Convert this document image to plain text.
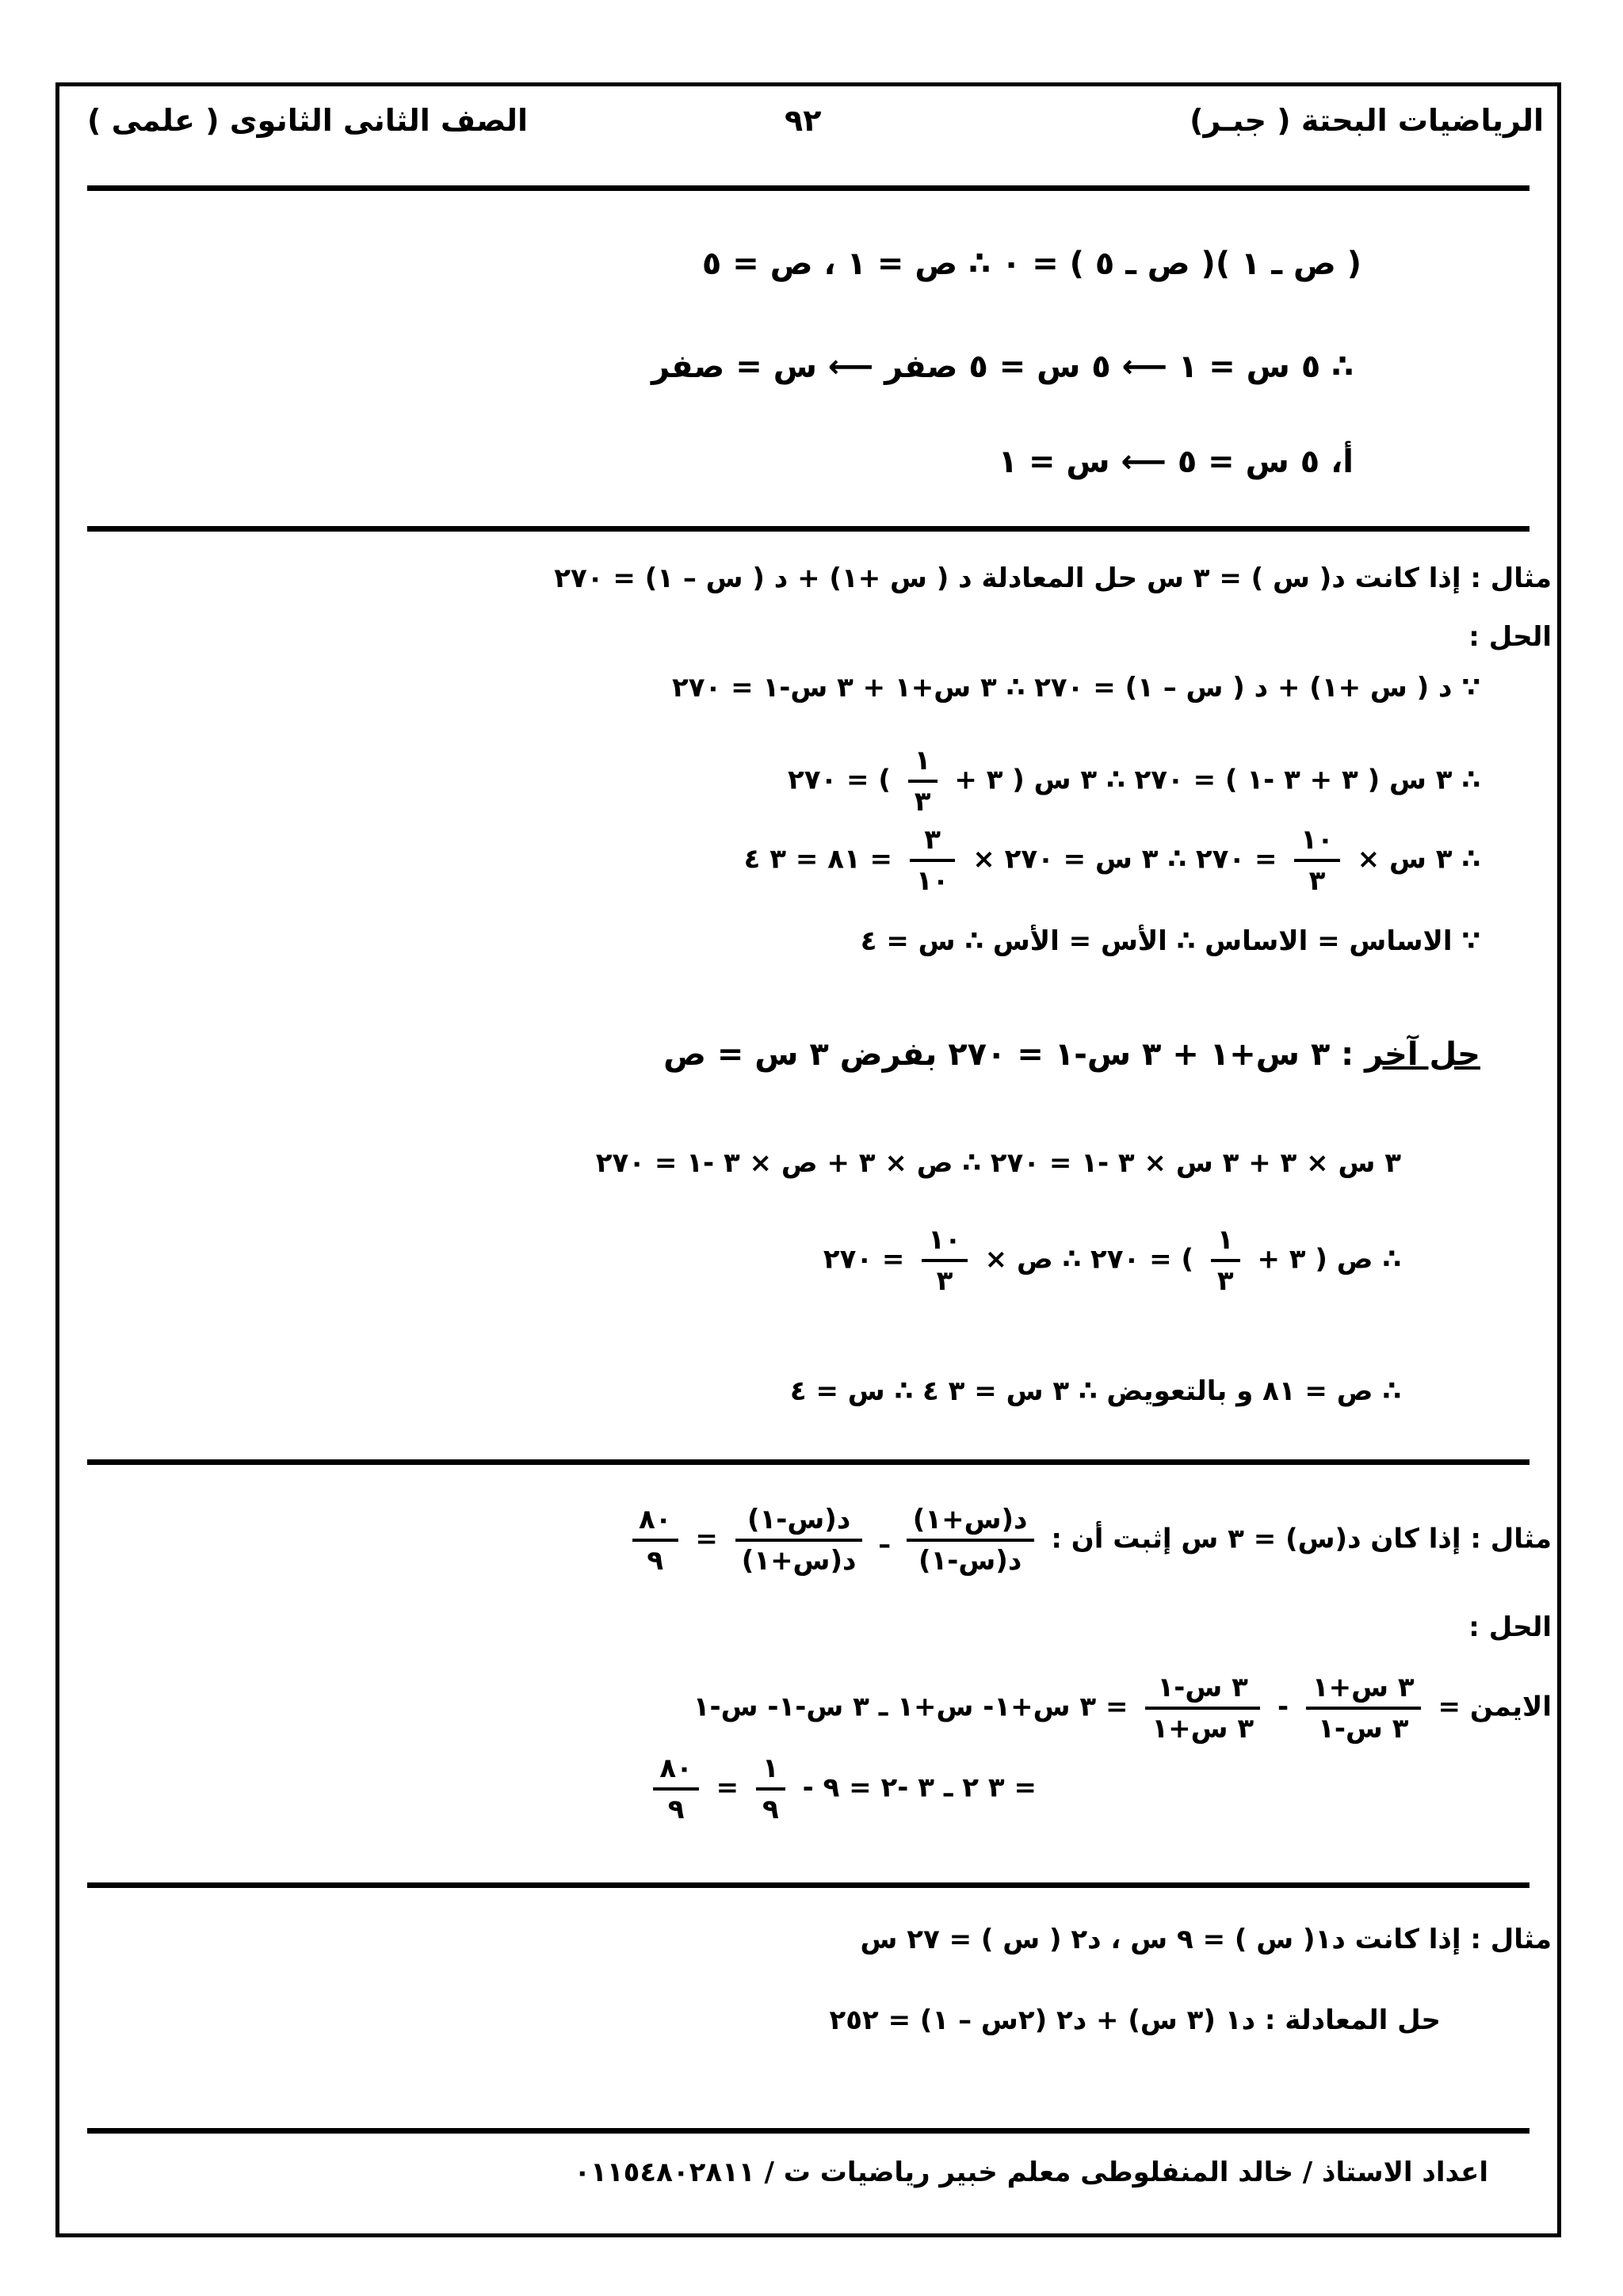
الرياضيات البحتة ( جبـر)
٩٢
الصف الثانى الثانوى ( علمى )
( ص ـ ١ )( ص ـ ٥ ) = ٠ ∴ ص = ١ ، ص = ٥
∴ ٥ س = ١ ⟵ ٥ س = ٥ صفر ⟵ س = صفر
أ، ٥ س = ٥ ⟵ س = ١
مثال : إذا كانت د( س ) = ٣ س حل المعادلة د ( س +١) + د ( س – ١) = ٢٧٠
الحل :
∵ د ( س +١) + د ( س – ١) = ٢٧٠ ∴ ٣ س+١ + ٣ س-١ = ٢٧٠
∴ ٣ س ( ٣ + ٣ -١ ) = ٢٧٠ ∴ ٣ س ( ٣ +
$\frac{١}{٣}$
) = ٢٧٠
∴ ٣ س ×
$\frac{١٠}{٣}$
= ٢٧٠ ∴ ٣ س = ٢٧٠ ×
$\frac{٣}{١٠}$
= ٨١ = ٣ ٤
∵ الاساس = الاساس ∴ الأس = الأس ∴ س = ٤
حل آخر : ٣ س+١ + ٣ س-١ = ٢٧٠ بفرض ٣ س = ص
٣ س × ٣ + ٣ س × ٣ -١ = ٢٧٠ ∴ ص × ٣ + ص × ٣ -١ = ٢٧٠
∴ ص ( ٣ +
$\frac{١}{٣}$
) = ٢٧٠ ∴ ص ×
$\frac{١٠}{٣}$
= ٢٧٠
∴ ص = ٨١ و بالتعويض ∴ ٣ س = ٣ ٤ ∴ س = ٤
مثال : إذا كان د(س) = ٣ س إثبت أن :
$\frac{\text{د(س+١)}}{\text{د(س-١)}}$
ـ
$\frac{\text{د(س-١)}}{\text{د(س+١)}}$
=
$\frac{٨٠}{٩}$
الحل :
الايمن =
$\frac{\text{٣ س+١}}{\text{٣ س-١}}$
-
$\frac{\text{٣ س-١}}{\text{٣ س+١}}$
= ٣ س+١- س+١ ـ ٣ س-١- س-١
= ٣ ٢ ـ ٣ -٢ = ٩ -
$\frac{١}{٩}$
=
$\frac{٨٠}{٩}$
مثال : إذا كانت د١( س ) = ٩ س ، د٢ ( س ) = ٢٧ س
حل المعادلة : د١ (٣ س) + د٢ (٢س – ١) = ٢٥٢
اعداد الاستاذ / خالد المنفلوطى معلم خبير رياضيات ت / ٠١١٥٤٨٠٢٨١١
